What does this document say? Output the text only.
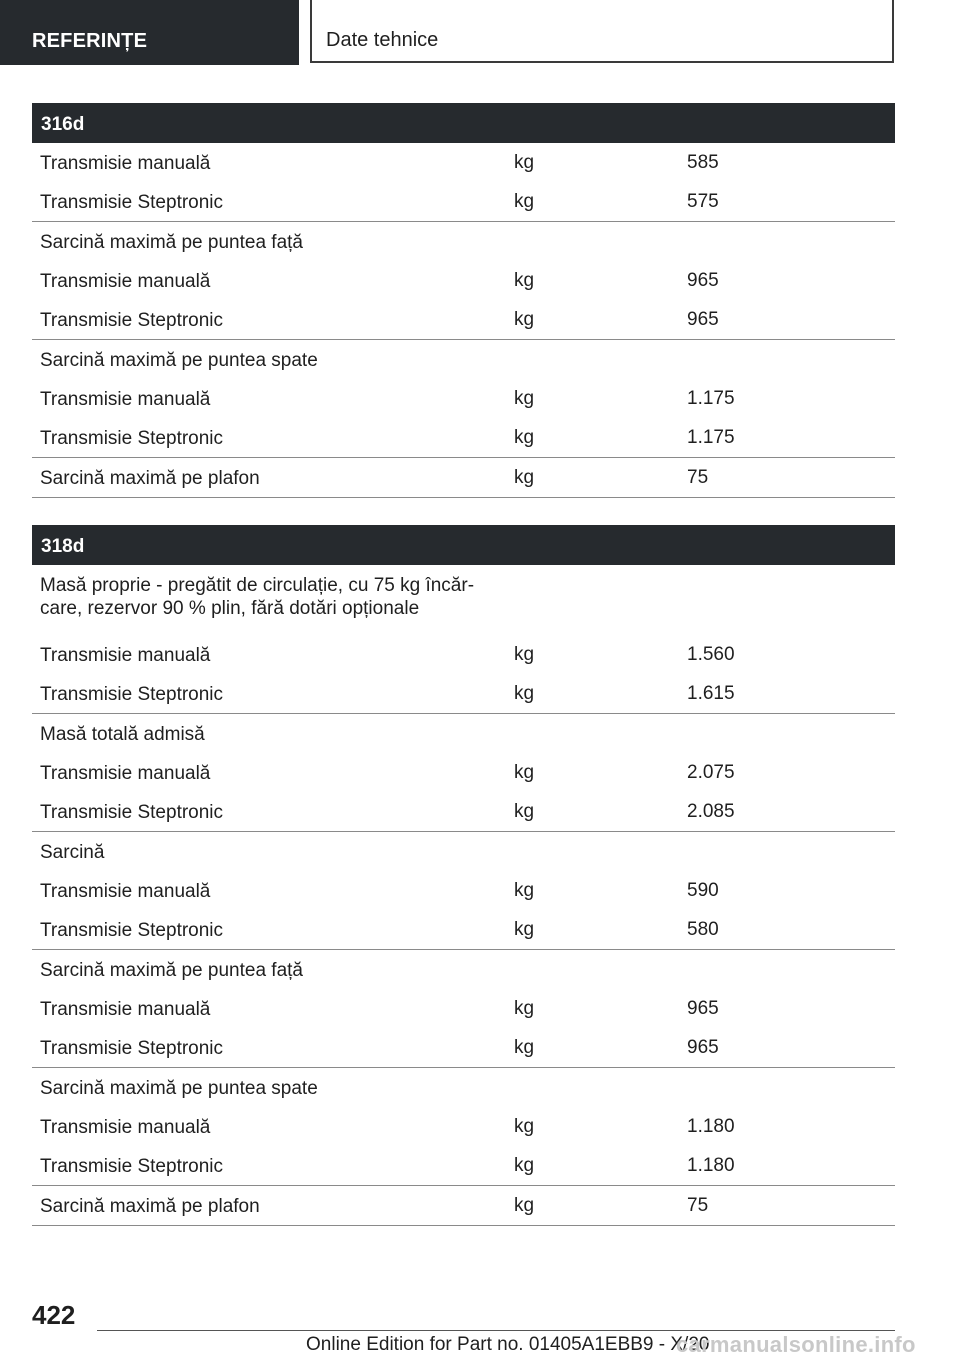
REFERINȚE	Date tehnice
316d
Transmisie manuală	kg	585
Transmisie Steptronic	kg	575
Sarcină maximă pe puntea față
Transmisie manuală	kg	965
Transmisie Steptronic	kg	965
Sarcină maximă pe puntea spate
Transmisie manuală	kg	1.175
Transmisie Steptronic	kg	1.175
Sarcină maximă pe plafon	kg	75
318d
Masă proprie - pregătit de circulație, cu 75 kg încăr-
care, rezervor 90 % plin, fără dotări opționale
Transmisie manuală	kg	1.560
Transmisie Steptronic	kg	1.615
Masă totală admisă
Transmisie manuală	kg	2.075
Transmisie Steptronic	kg	2.085
Sarcină
Transmisie manuală	kg	590
Transmisie Steptronic	kg	580
Sarcină maximă pe puntea față
Transmisie manuală	kg	965
Transmisie Steptronic	kg	965
Sarcină maximă pe puntea spate
Transmisie manuală	kg	1.180
Transmisie Steptronic	kg	1.180
Sarcină maximă pe plafon	kg	75
422
Online Edition for Part no. 01405A1EBB9 - X/20
carmanualsonline.info
